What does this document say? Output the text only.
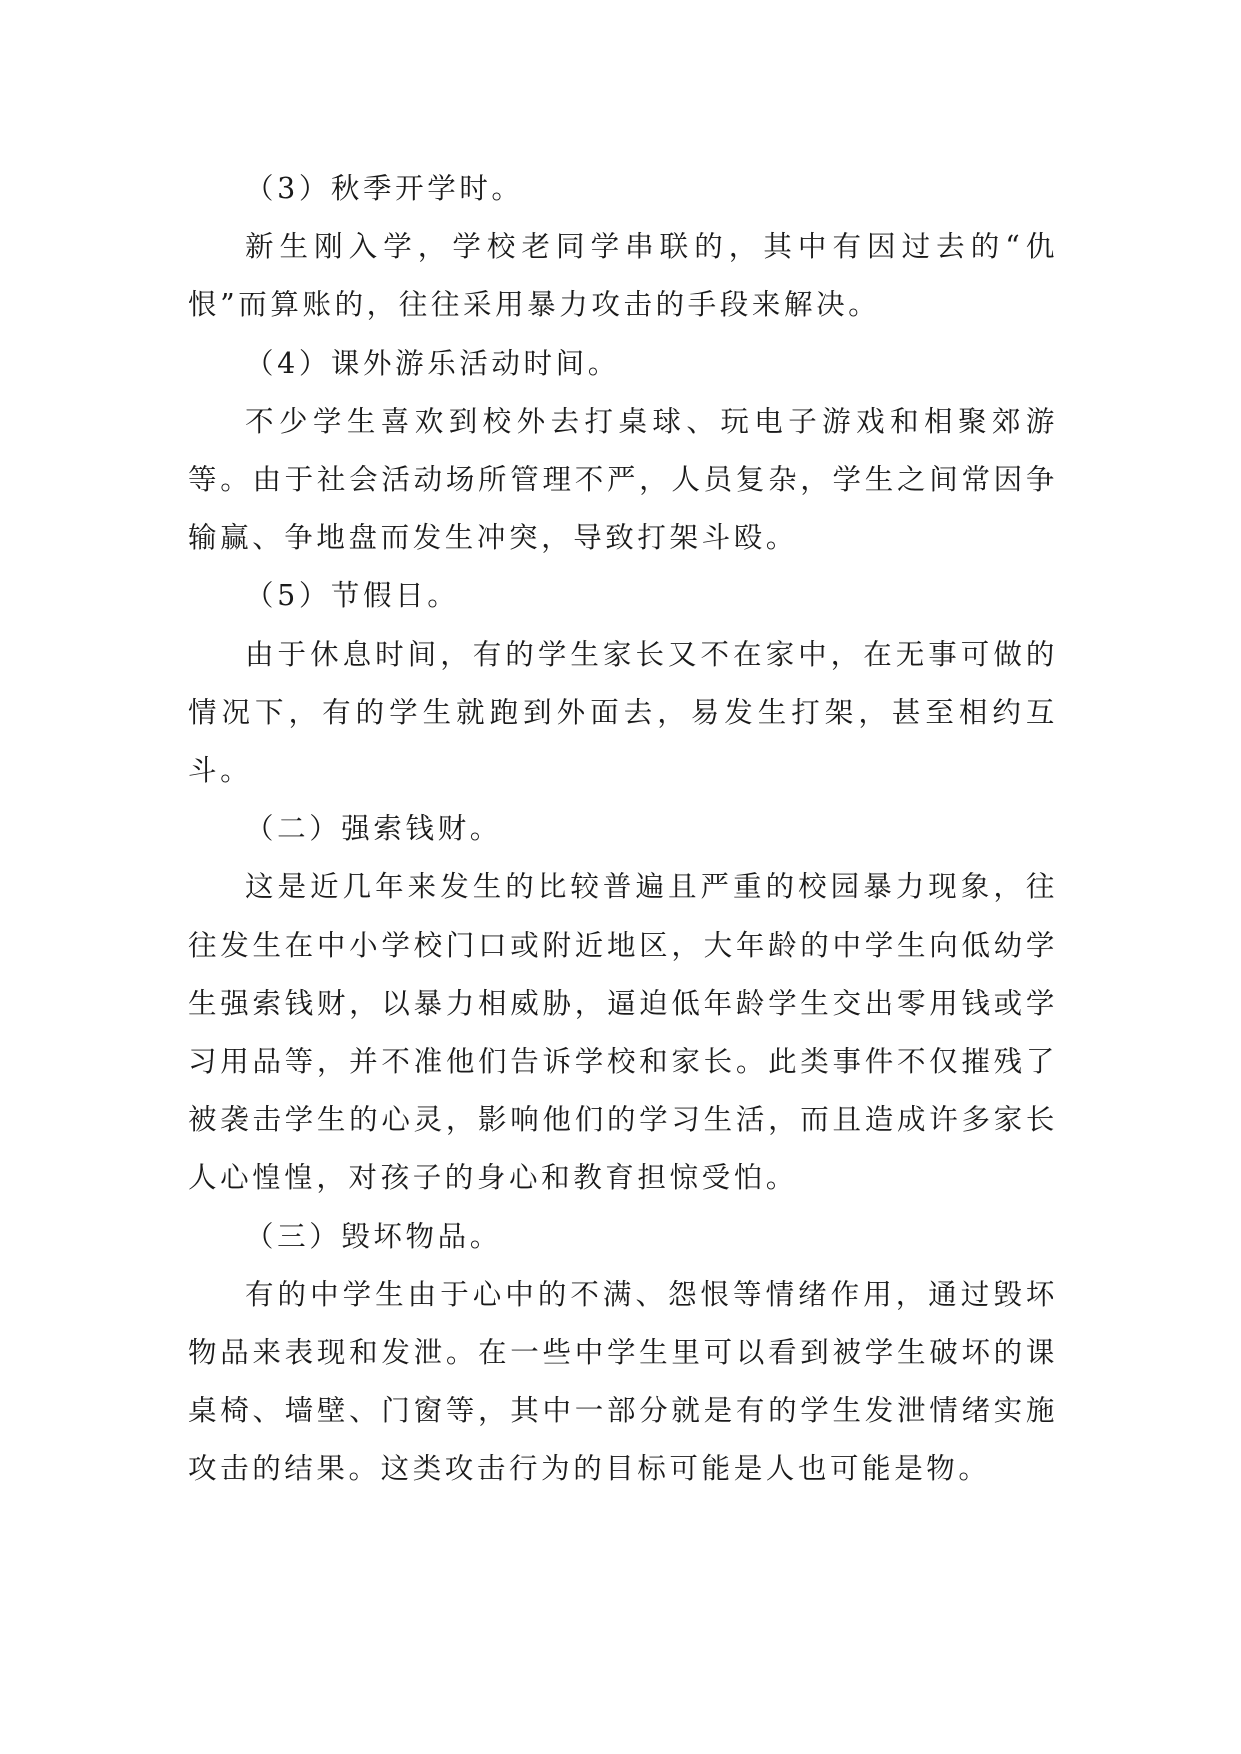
（3）秋季开学时。

新生刚入学，学校老同学串联的，其中有因过去的“仇恨”而算账的，往往采用暴力攻击的手段来解决。

（4）课外游乐活动时间。

不少学生喜欢到校外去打桌球、玩电子游戏和相聚郊游等。由于社会活动场所管理不严，人员复杂，学生之间常因争输赢、争地盘而发生冲突，导致打架斗殴。

（5）节假日。

由于休息时间，有的学生家长又不在家中，在无事可做的情况下，有的学生就跑到外面去，易发生打架，甚至相约互斗。

（二）强索钱财。

这是近几年来发生的比较普遍且严重的校园暴力现象，往往发生在中小学校门口或附近地区，大年龄的中学生向低幼学生强索钱财，以暴力相威胁，逼迫低年龄学生交出零用钱或学习用品等，并不准他们告诉学校和家长。此类事件不仅摧残了被袭击学生的心灵，影响他们的学习生活，而且造成许多家长人心惶惶，对孩子的身心和教育担惊受怕。

（三）毁坏物品。

有的中学生由于心中的不满、怨恨等情绪作用，通过毁坏物品来表现和发泄。在一些中学生里可以看到被学生破坏的课桌椅、墙壁、门窗等，其中一部分就是有的学生发泄情绪实施攻击的结果。这类攻击行为的目标可能是人也可能是物。
